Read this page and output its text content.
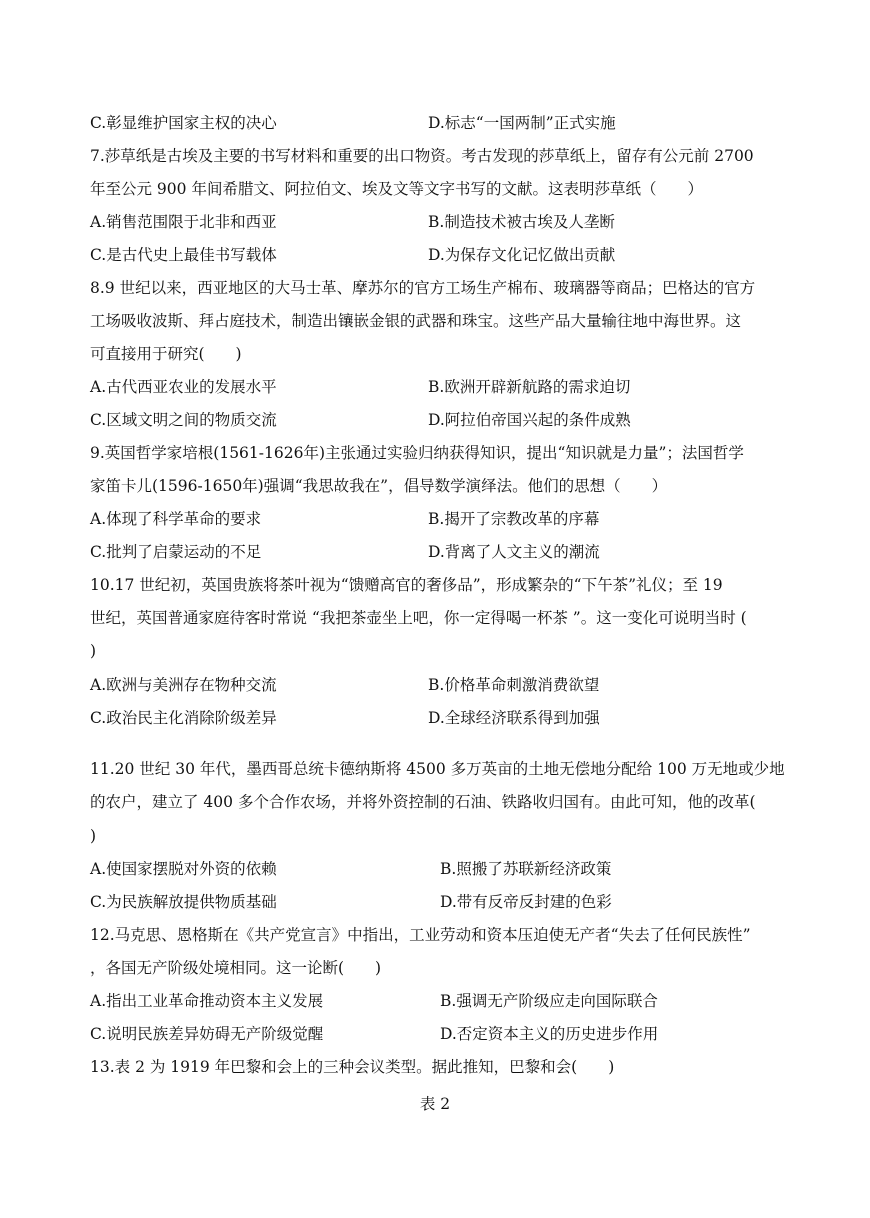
C.彰显维护国家主权的决心	D.标志“一国两制”正式实施
7.莎草纸是古埃及主要的书写材料和重要的出口物资。考古发现的莎草纸上，留存有公元前 2700
年至公元 900 年间希腊文、阿拉伯文、埃及文等文字书写的文献。这表明莎草纸（　　）
A.销售范围限于北非和西亚	B.制造技术被古埃及人垄断
C.是古代史上最佳书写载体	D.为保存文化记忆做出贡献
8.9 世纪以来，西亚地区的大马士革、摩苏尔的官方工场生产棉布、玻璃器等商品；巴格达的官方
工场吸收波斯、拜占庭技术，制造出镶嵌金银的武器和珠宝。这些产品大量输往地中海世界。这
可直接用于研究(　　)
A.古代西亚农业的发展水平	B.欧洲开辟新航路的需求迫切
C.区域文明之间的物质交流	D.阿拉伯帝国兴起的条件成熟
9.英国哲学家培根(1561-1626年)主张通过实验归纳获得知识，提出“知识就是力量”；法国哲学
家笛卡儿(1596-1650年)强调“我思故我在”，倡导数学演绎法。他们的思想（　　）
A.体现了科学革命的要求	B.揭开了宗教改革的序幕
C.批判了启蒙运动的不足	D.背离了人文主义的潮流
10.17 世纪初，英国贵族将茶叶视为“馈赠高官的奢侈品”，形成繁杂的“下午茶”礼仪；至 19
世纪，英国普通家庭待客时常说 “我把茶壶坐上吧，你一定得喝一杯茶 ”。这一变化可说明当时 (
)
A.欧洲与美洲存在物种交流	B.价格革命刺激消费欲望
C.政治民主化消除阶级差异	D.全球经济联系得到加强
11.20 世纪 30 年代，墨西哥总统卡德纳斯将 4500 多万英亩的土地无偿地分配给 100 万无地或少地
的农户，建立了 400 多个合作农场，并将外资控制的石油、铁路收归国有。由此可知，他的改革(
)
A.使国家摆脱对外资的依赖	B.照搬了苏联新经济政策
C.为民族解放提供物质基础	D.带有反帝反封建的色彩
12.马克思、恩格斯在《共产党宣言》中指出，工业劳动和资本压迫使无产者“失去了任何民族性”
，各国无产阶级处境相同。这一论断(　　)
A.指出工业革命推动资本主义发展	B.强调无产阶级应走向国际联合
C.说明民族差异妨碍无产阶级觉醒	D.否定资本主义的历史进步作用
13.表 2 为 1919 年巴黎和会上的三种会议类型。据此推知，巴黎和会(　　)
表 2
